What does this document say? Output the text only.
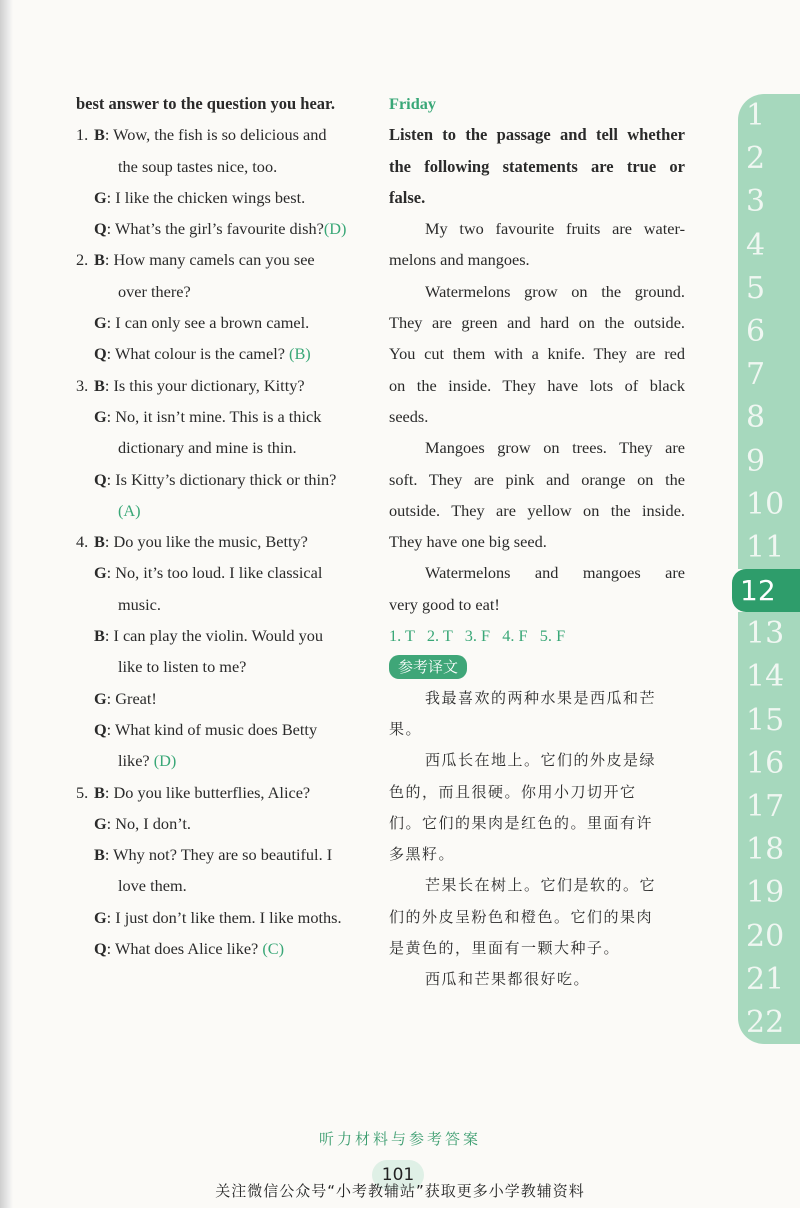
best answer to the question you hear.
1. B: Wow, the fish is so delicious and
the soup tastes nice, too.
G: I like the chicken wings best.
Q: What’s the girl’s favourite dish?(D)
2. B: How many camels can you see
over there?
G: I can only see a brown camel.
Q: What colour is the camel? (B)
3. B: Is this your dictionary, Kitty?
G: No, it isn’t mine. This is a thick
dictionary and mine is thin.
Q: Is Kitty’s dictionary thick or thin?
(A)
4. B: Do you like the music, Betty?
G: No, it’s too loud. I like classical
music.
B: I can play the violin. Would you
like to listen to me?
G: Great!
Q: What kind of music does Betty
like? (D)
5. B: Do you like butterflies, Alice?
G: No, I don’t.
B: Why not? They are so beautiful. I
love them.
G: I just don’t like them. I like moths.
Q: What does Alice like? (C)
Friday
Listen to the passage and tell whether
the following statements are true or
false.
My two favourite fruits are water-
melons and mangoes.
Watermelons grow on the ground.
They are green and hard on the outside.
You cut them with a knife. They are red
on the inside. They have lots of black
seeds.
Mangoes grow on trees. They are
soft. They are pink and orange on the
outside. They are yellow on the inside.
They have one big seed.
Watermelons and mangoes are
very good to eat!
1. T   2. T   3. F   4. F   5. F
参考译文
我最喜欢的两种水果是西瓜和芒
果。
西瓜长在地上。它们的外皮是绿
色的，而且很硬。你用小刀切开它
们。它们的果肉是红色的。里面有许
多黑籽。
芒果长在树上。它们是软的。它
们的外皮呈粉色和橙色。它们的果肉
是黄色的，里面有一颗大种子。
西瓜和芒果都很好吃。
1
2
3
4
5
6
7
8
9
10
11
12
13
14
15
16
17
18
19
20
21
22
听力材料与参考答案
101
关注微信公众号“小考教辅站”获取更多小学教辅资料
